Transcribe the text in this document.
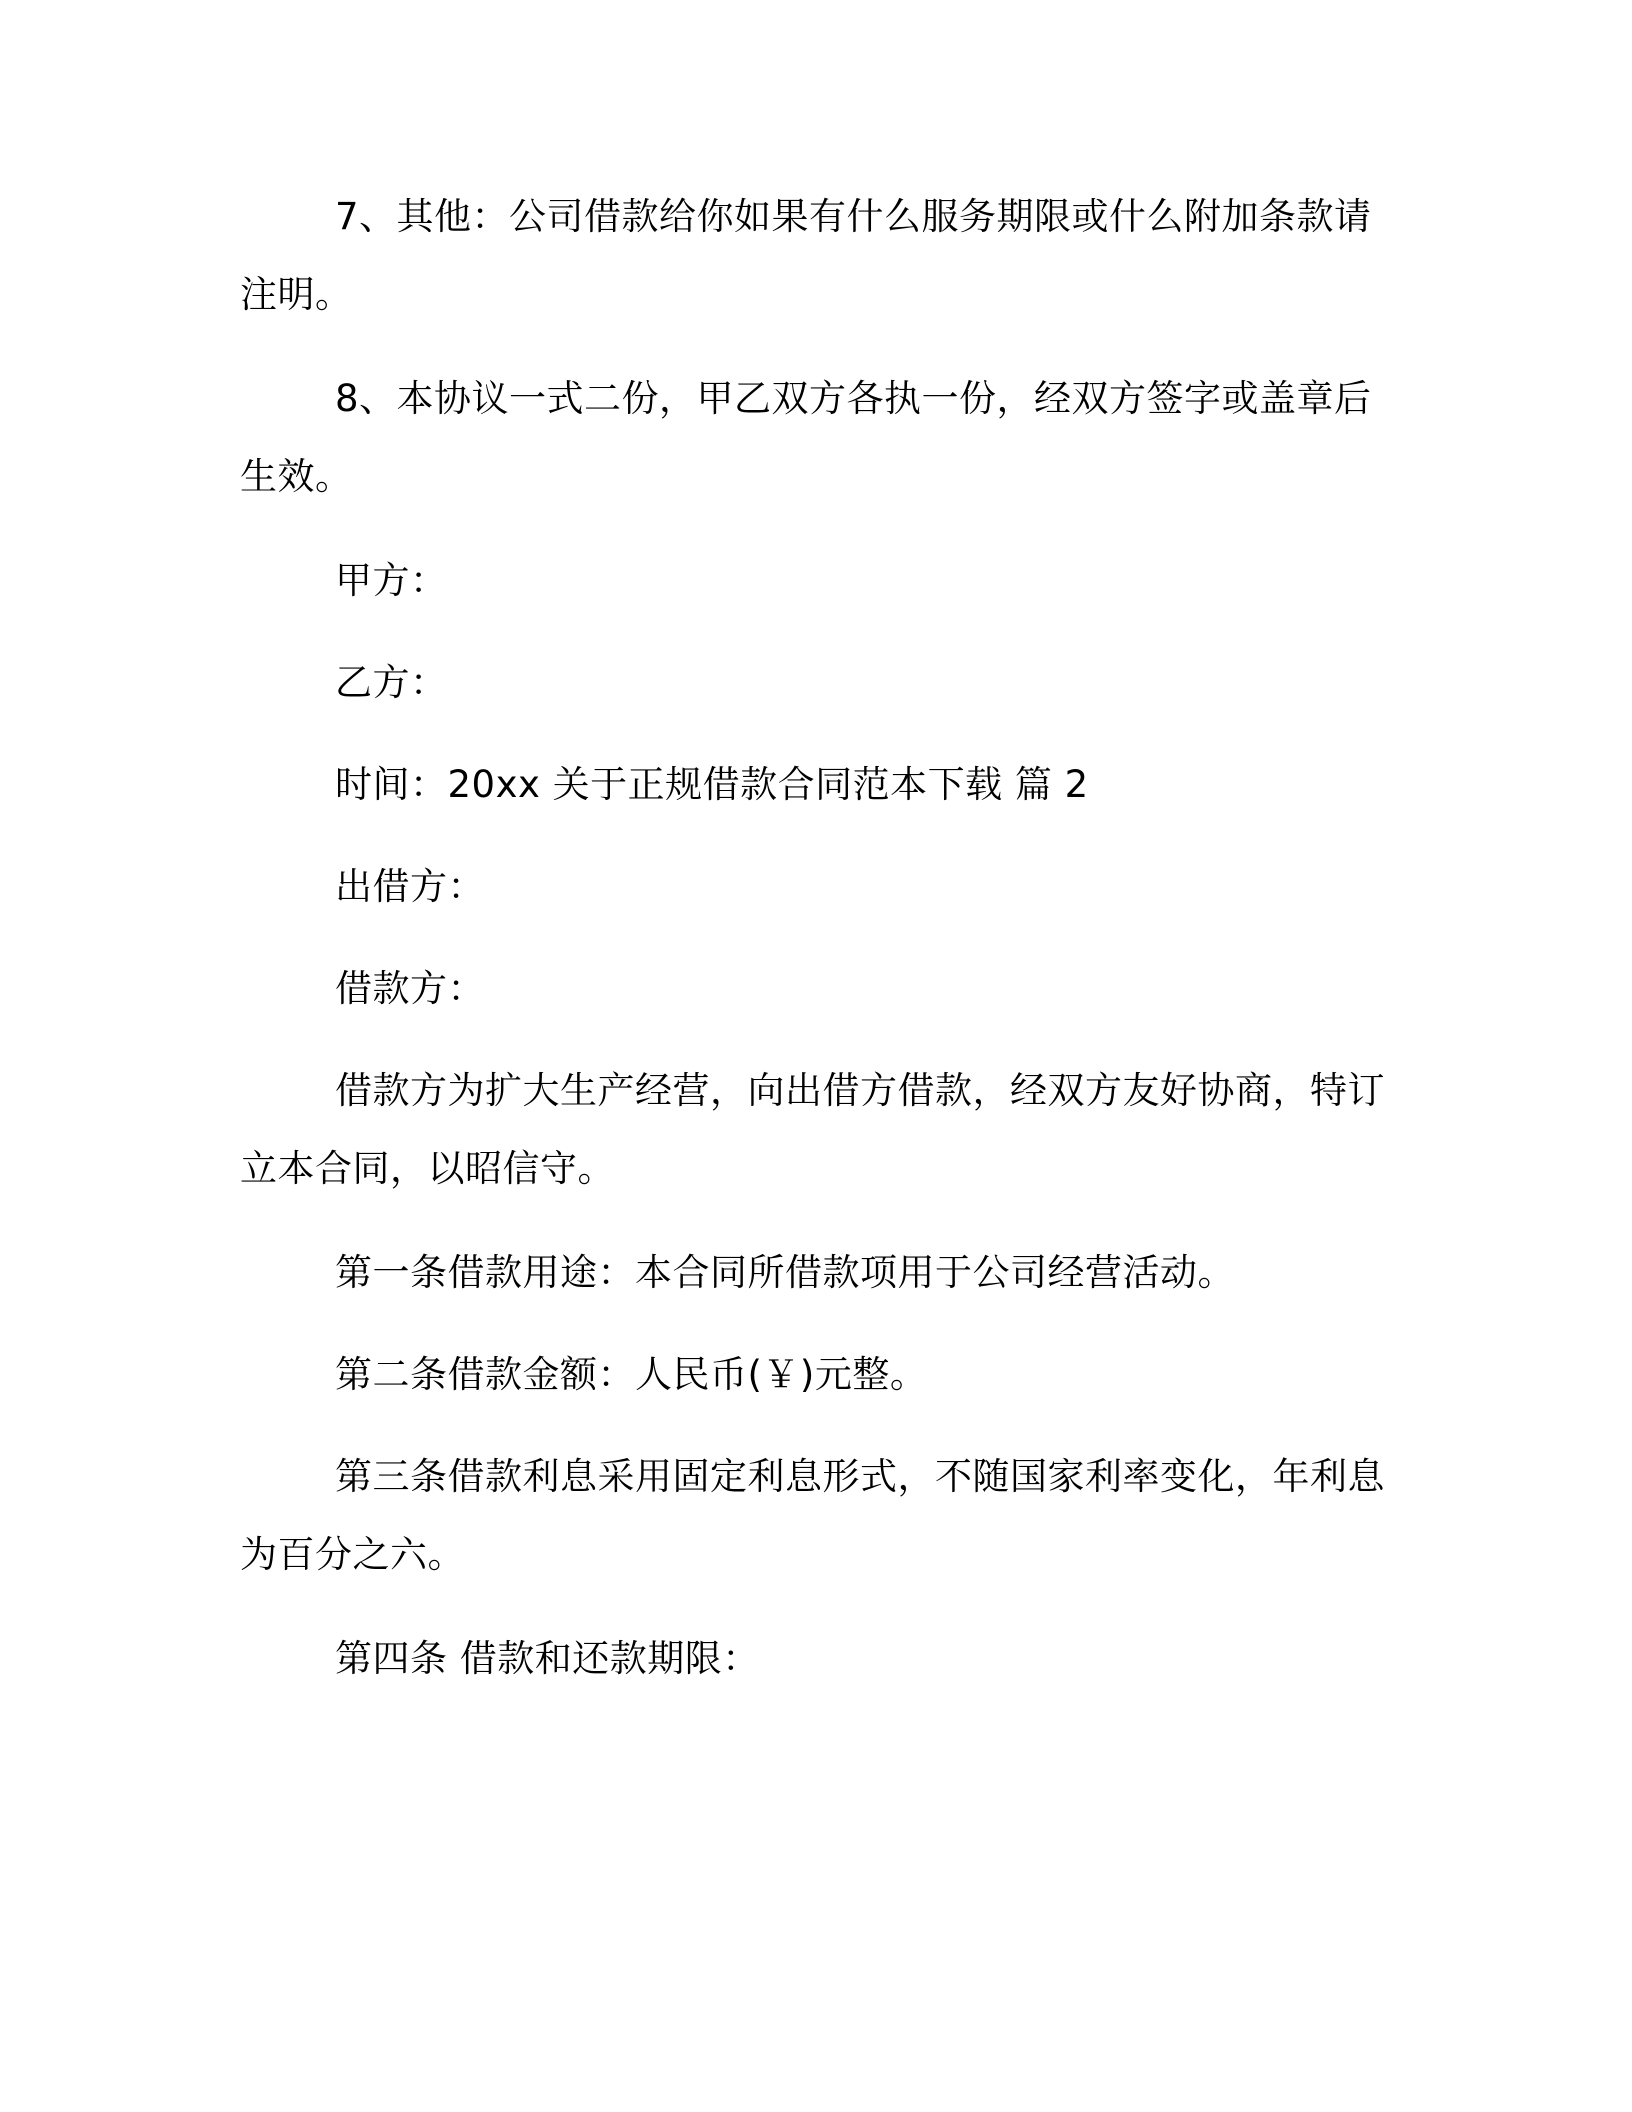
7、其他：公司借款给你如果有什么服务期限或什么附加条款请注明。

8、本协议一式二份，甲乙双方各执一份，经双方签字或盖章后生效。

甲方：

乙方：

时间：20xx 关于正规借款合同范本下载 篇 2

出借方：

借款方：

借款方为扩大生产经营，向出借方借款，经双方友好协商，特订立本合同，以昭信守。

第一条借款用途：本合同所借款项用于公司经营活动。

第二条借款金额：人民币(￥)元整。

第三条借款利息采用固定利息形式，不随国家利率变化，年利息为百分之六。

第四条 借款和还款期限：
